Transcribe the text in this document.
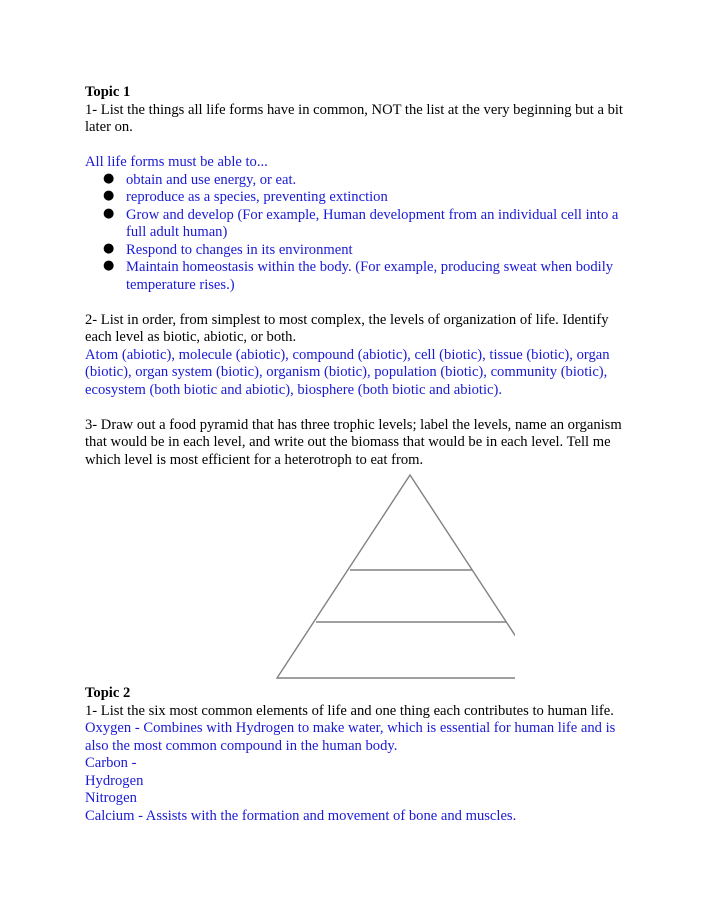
Topic 1

1- List the things all life forms have in common, NOT the list at the very beginning but a bit later on.

All life forms must be able to...

● obtain and use energy, or eat.
● reproduce as a species, preventing extinction
● Grow and develop (For example, Human development from an individual cell into a full adult human)
● Respond to changes in its environment
● Maintain homeostasis within the body. (For example, producing sweat when bodily temperature rises.)

2- List in order, from simplest to most complex, the levels of organization of life. Identify each level as biotic, abiotic, or both.

Atom (abiotic), molecule (abiotic), compound (abiotic), cell (biotic), tissue (biotic), organ (biotic), organ system (biotic), organism (biotic), population (biotic), community (biotic), ecosystem (both biotic and abiotic), biosphere (both biotic and abiotic).

3- Draw out a food pyramid that has three trophic levels; label the levels, name an organism that would be in each level, and write out the biomass that would be in each level. Tell me which level is most efficient for a heterotroph to eat from.

Topic 2

1- List the six most common elements of life and one thing each contributes to human life.

Oxygen - Combines with Hydrogen to make water, which is essential for human life and is also the most common compound in the human body.

Carbon -

Hydrogen

Nitrogen

Calcium - Assists with the formation and movement of bone and muscles.
